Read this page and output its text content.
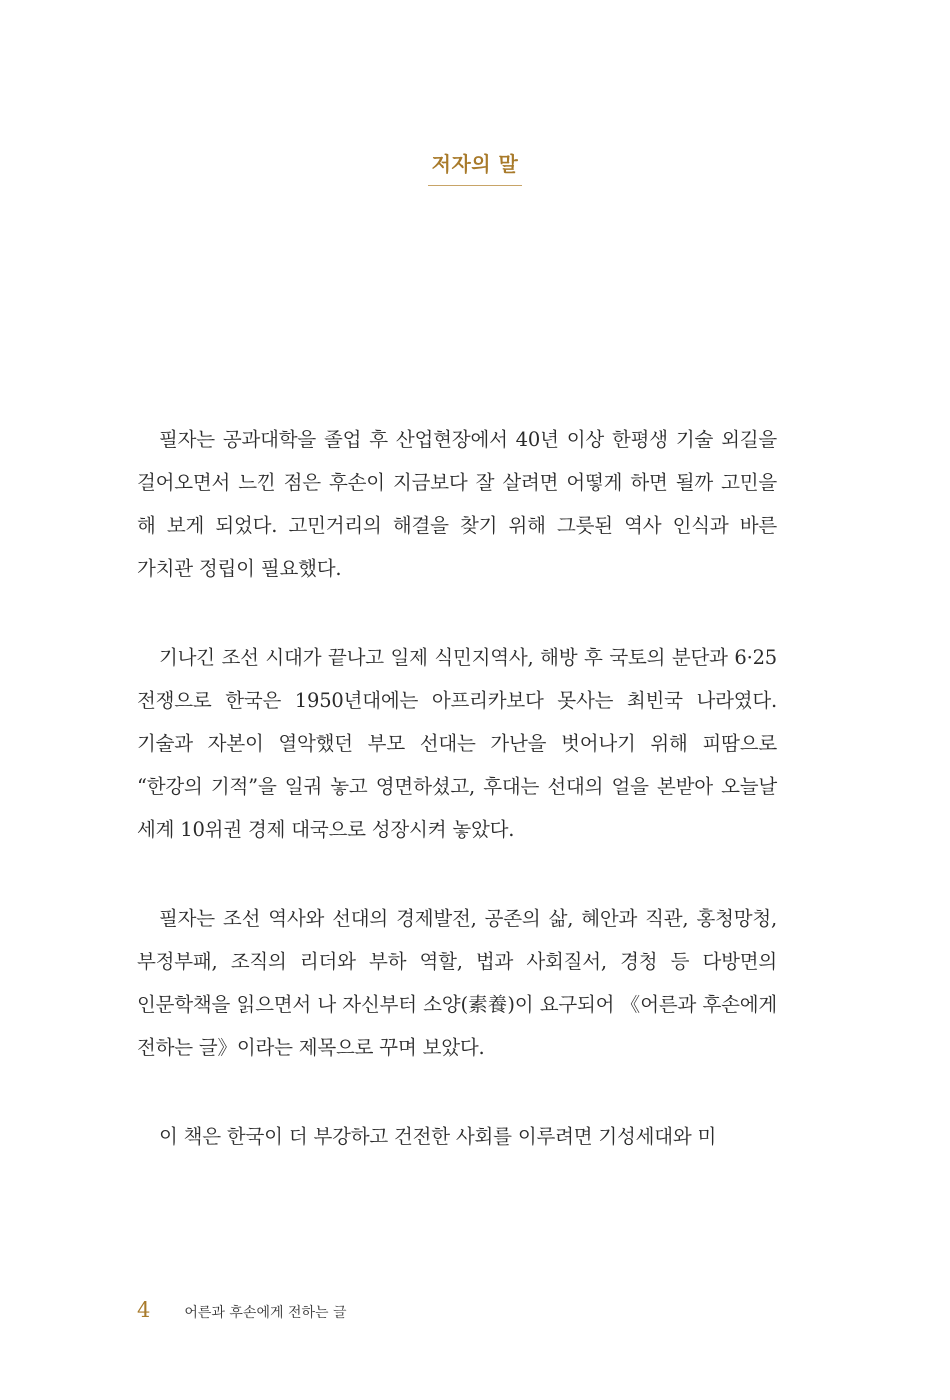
저자의 말

필자는 공과대학을 졸업 후 산업현장에서 40년 이상 한평생 기술 외길을 걸어오면서 느낀 점은 후손이 지금보다 잘 살려면 어떻게 하면 될까 고민을 해 보게 되었다. 고민거리의 해결을 찾기 위해 그릇된 역사 인식과 바른 가치관 정립이 필요했다.

기나긴 조선 시대가 끝나고 일제 식민지역사, 해방 후 국토의 분단과 6·25 전쟁으로 한국은 1950년대에는 아프리카보다 못사는 최빈국 나라였다. 기술과 자본이 열악했던 부모 선대는 가난을 벗어나기 위해 피땀으로 “한강의 기적”을 일궈 놓고 영면하셨고, 후대는 선대의 얼을 본받아 오늘날 세계 10위권 경제 대국으로 성장시켜 놓았다.

필자는 조선 역사와 선대의 경제발전, 공존의 삶, 혜안과 직관, 홍청망청, 부정부패, 조직의 리더와 부하 역할, 법과 사회질서, 경청 등 다방면의 인문학책을 읽으면서 나 자신부터 소양(素養)이 요구되어 《어른과 후손에게 전하는 글》이라는 제목으로 꾸며 보았다.

이 책은 한국이 더 부강하고 건전한 사회를 이루려면 기성세대와 미

4 어른과 후손에게 전하는 글
